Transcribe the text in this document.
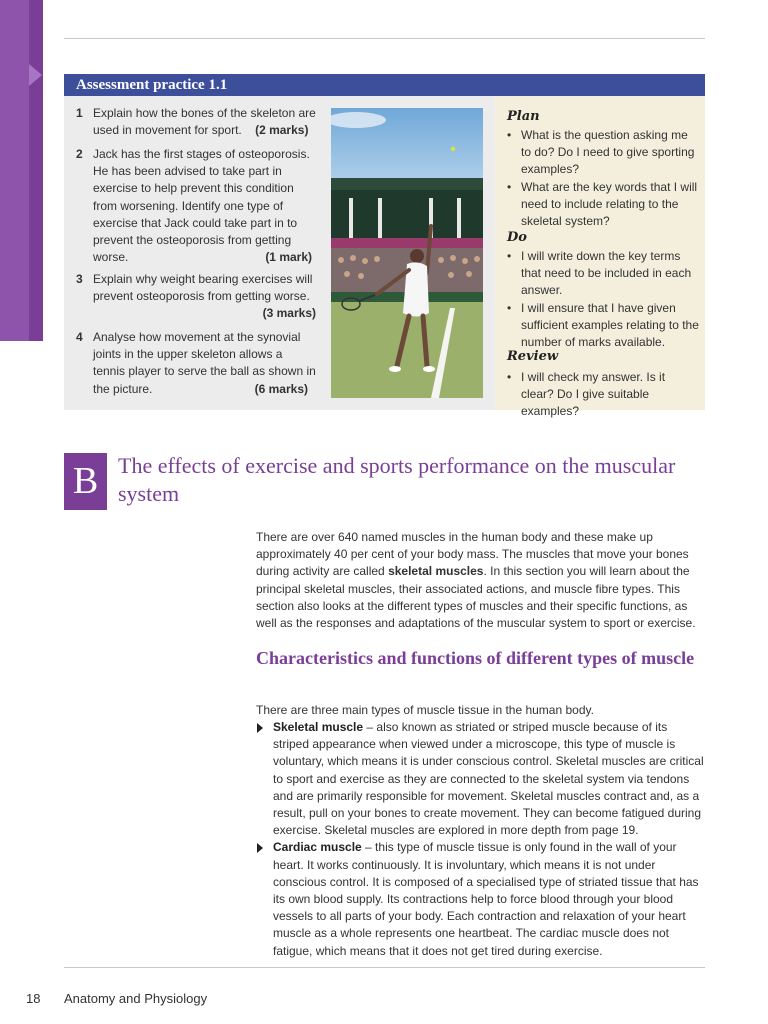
Assessment practice 1.1
1 Explain how the bones of the skeleton are used in movement for sport. (2 marks)
2 Jack has the first stages of osteoporosis. He has been advised to take part in exercise to help prevent this condition from worsening. Identify one type of exercise that Jack could take part in to prevent the osteoporosis from getting worse.	(1 mark)
3 Explain why weight bearing exercises will prevent osteoporosis from getting worse.
(3 marks)
4 Analyse how movement at the synovial joints in the upper skeleton allows a tennis player to serve the ball as shown in the picture.	(6 marks)
Plan
• What is the question asking me to do? Do I need to give sporting examples?
• What are the key words that I will need to include relating to the skeletal system?
Do
• I will write down the key terms that need to be included in each answer.
• I will ensure that I have given sufficient examples relating to the number of marks available.
Review
• I will check my answer. Is it clear? Do I give suitable examples?
B The effects of exercise and sports performance on the muscular system

There are over 640 named muscles in the human body and these make up approximately 40 per cent of your body mass. The muscles that move your bones during activity are called skeletal muscles. In this section you will learn about the principal skeletal muscles, their associated actions, and muscle fibre types. This section also looks at the different types of muscles and their specific functions, as well as the responses and adaptations of the muscular system to sport or exercise.

Characteristics and functions of different types of muscle

There are three main types of muscle tissue in the human body.

Skeletal muscle – also known as striated or striped muscle because of its striped appearance when viewed under a microscope, this type of muscle is voluntary, which means it is under conscious control. Skeletal muscles are critical to sport and exercise as they are connected to the skeletal system via tendons and are primarily responsible for movement. Skeletal muscles contract and, as a result, pull on your bones to create movement. They can become fatigued during exercise. Skeletal muscles are explored in more depth from page 19.
Cardiac muscle – this type of muscle tissue is only found in the wall of your heart. It works continuously. It is involuntary, which means it is not under conscious control. It is composed of a specialised type of striated tissue that has its own blood supply. Its contractions help to force blood through your blood vessels to all parts of your body. Each contraction and relaxation of your heart muscle as a whole represents one heartbeat. The cardiac muscle does not fatigue, which means that it does not get tired during exercise.
18 Anatomy and Physiology
